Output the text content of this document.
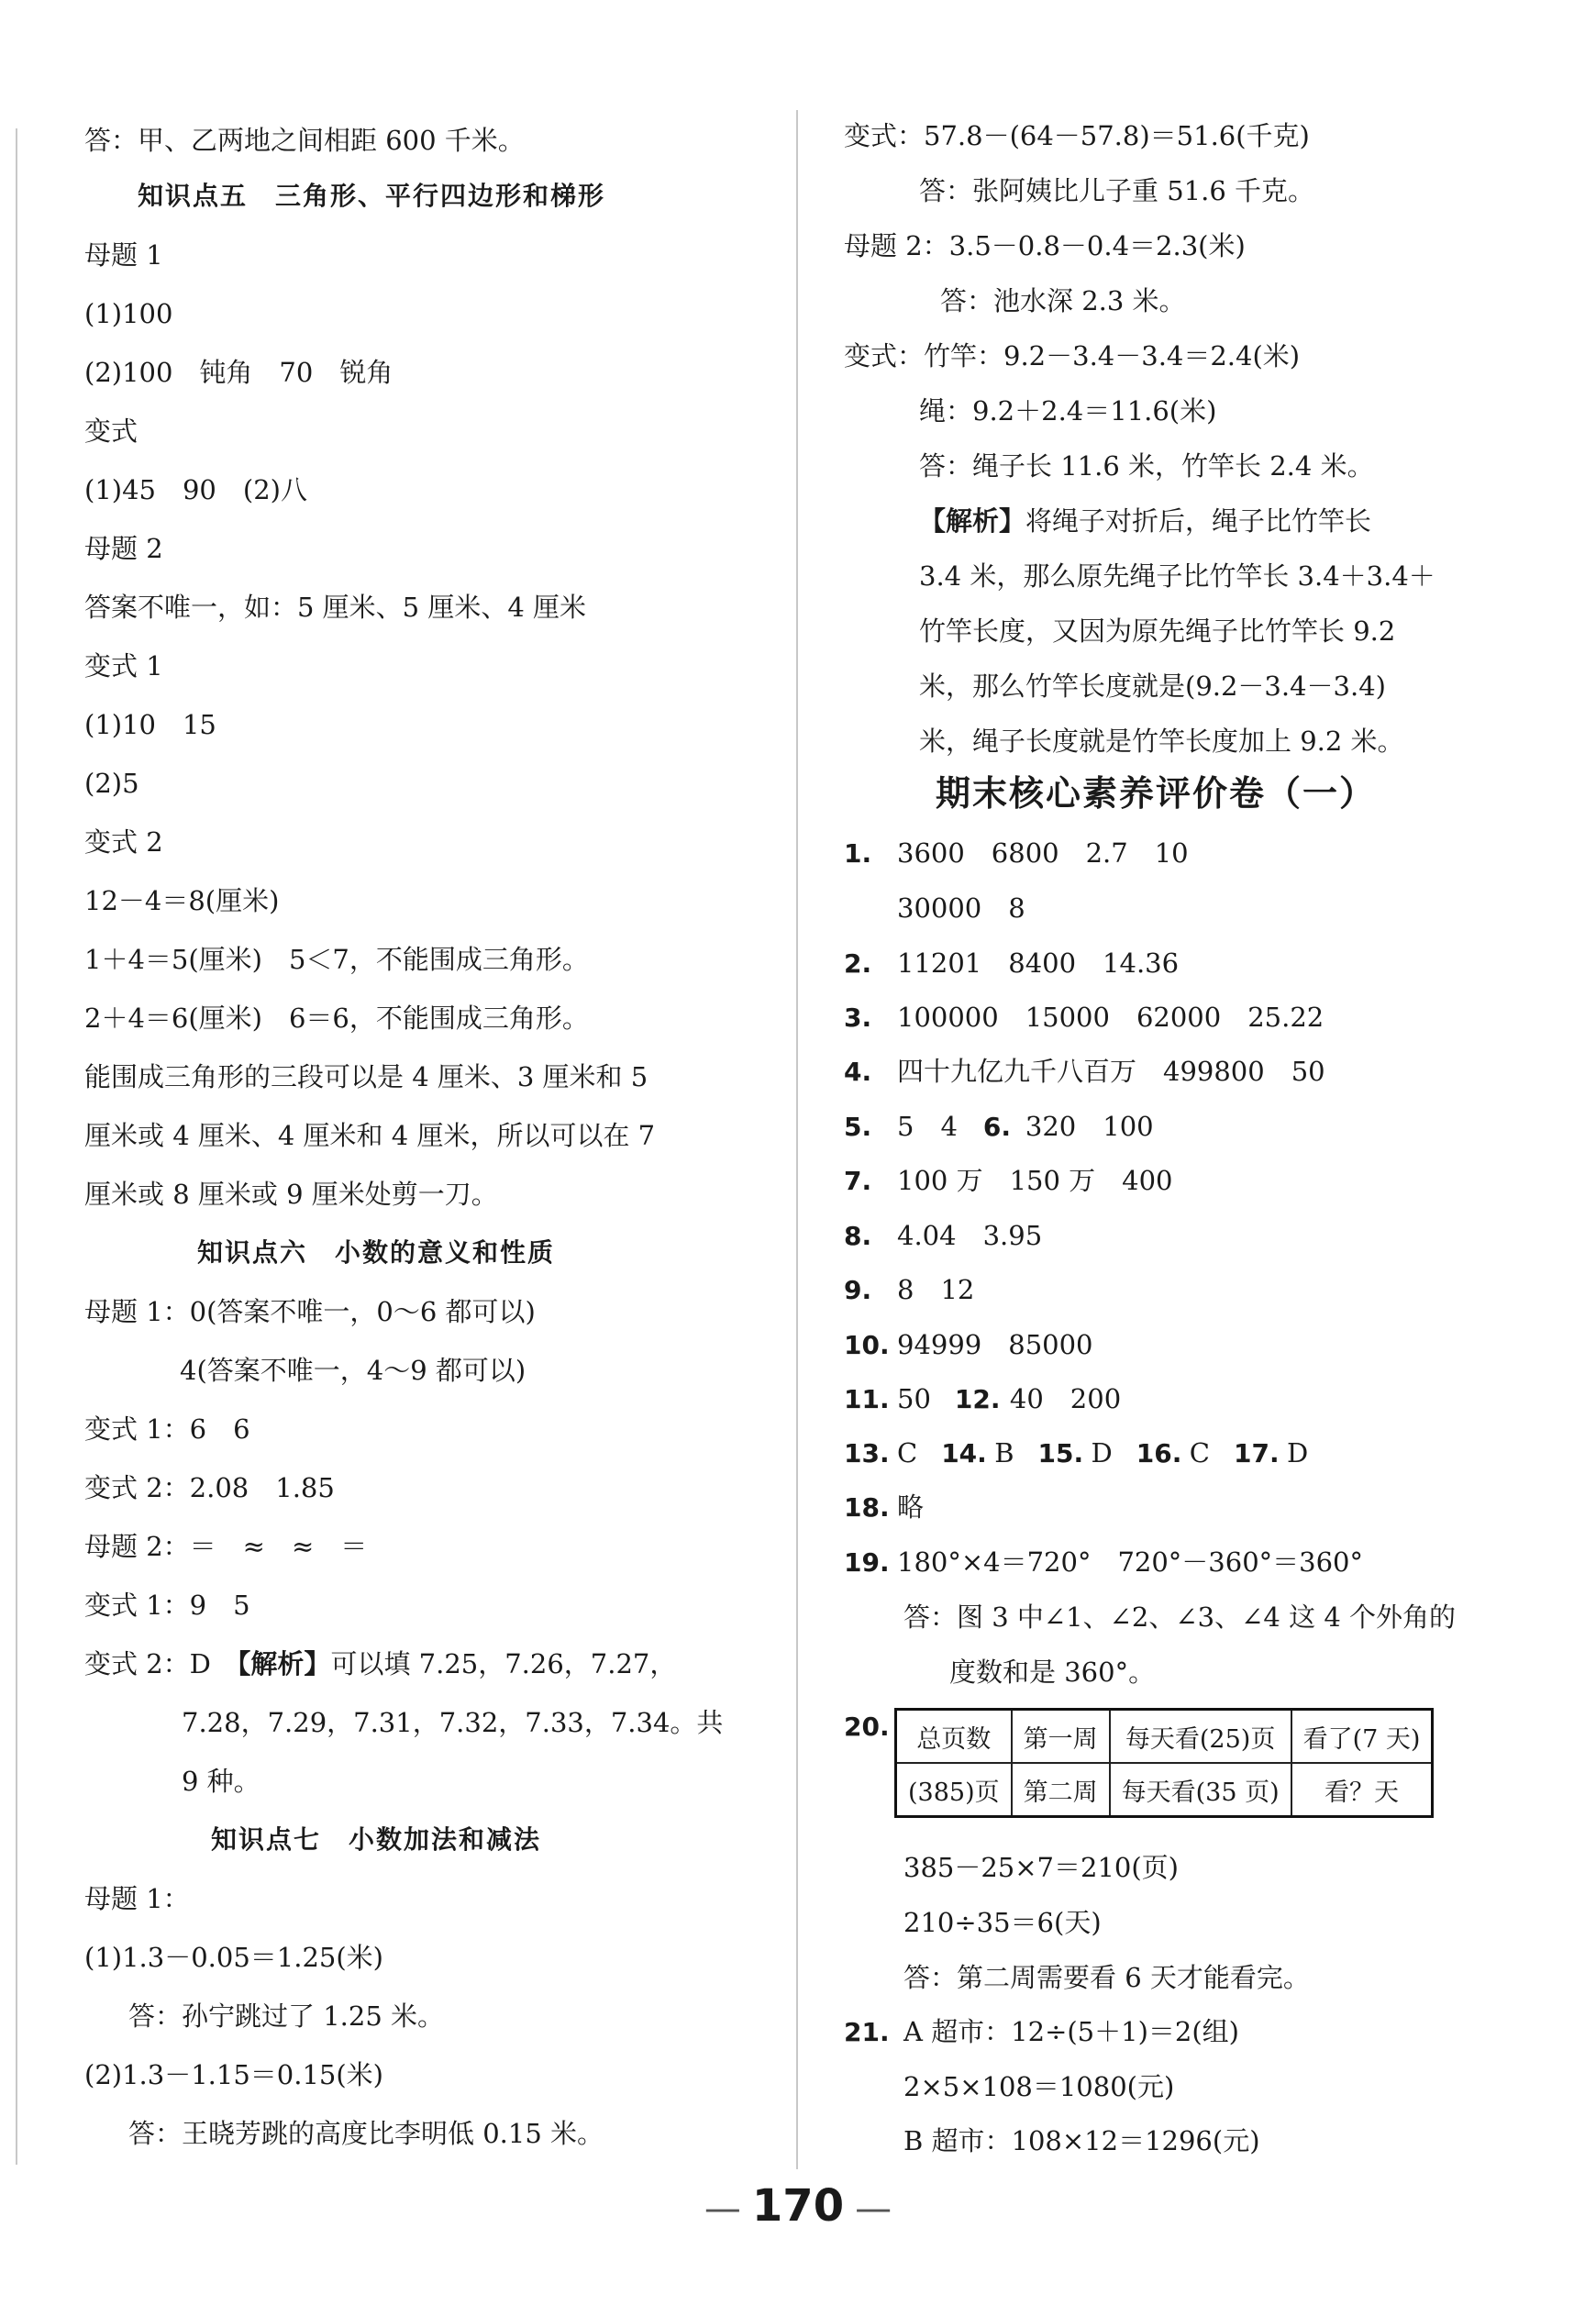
答：甲、乙两地之间相距 600 千米。
知识点五　三角形、平行四边形和梯形
母题 1
(1)100
(2)100　钝角　70　锐角
变式
(1)45　90　(2)八
母题 2
答案不唯一，如：5 厘米、5 厘米、4 厘米
变式 1
(1)10　15
(2)5
变式 2
12－4＝8(厘米)
1＋4＝5(厘米)　5＜7，不能围成三角形。
2＋4＝6(厘米)　6＝6，不能围成三角形。
能围成三角形的三段可以是 4 厘米、3 厘米和 5
厘米或 4 厘米、4 厘米和 4 厘米，所以可以在 7
厘米或 8 厘米或 9 厘米处剪一刀。
知识点六　小数的意义和性质
母题 1：0(答案不唯一，0～6 都可以)
4(答案不唯一，4～9 都可以)
变式 1：6　6
变式 2：2.08　1.85
母题 2：＝　≈　≈　＝
变式 1：9　5
变式 2：D　【解析】可以填 7.25，7.26，7.27，
7.28，7.29，7.31，7.32，7.33，7.34。共
9 种。
知识点七　小数加法和减法
母题 1：
(1)1.3－0.05＝1.25(米)
答：孙宁跳过了 1.25 米。
(2)1.3－1.15＝0.15(米)
答：王晓芳跳的高度比李明低 0.15 米。
变式：57.8－(64－57.8)＝51.6(千克)
答：张阿姨比儿子重 51.6 千克。
母题 2：3.5－0.8－0.4＝2.3(米)
答：池水深 2.3 米。
变式：竹竿：9.2－3.4－3.4＝2.4(米)
绳：9.2＋2.4＝11.6(米)
答：绳子长 11.6 米，竹竿长 2.4 米。
【解析】将绳子对折后，绳子比竹竿长
3.4 米，那么原先绳子比竹竿长 3.4＋3.4＋
竹竿长度，又因为原先绳子比竹竿长 9.2
米，那么竹竿长度就是(9.2－3.4－3.4)
米，绳子长度就是竹竿长度加上 9.2 米。
期末核心素养评价卷（一）
1. 3600　6800　2.7　10
30000　8
2. 11201　8400　14.36
3. 100000　15000　62000　25.22
4. 四十九亿九千八百万　499800　50
5. 5　4 6. 320　100
7. 100 万　150 万　400
8. 4.04　3.95
9. 8　12
10. 94999　85000
11. 50 12. 40　200
13. C 14. B 15. D 16. C 17. D
18. 略
19. 180°×4＝720°　720°－360°＝360°
答：图 3 中∠1、∠2、∠3、∠4 这 4 个外角的
度数和是 360°。
20.	总页数	第一周	每天看(25)页	看了(7 天)
(385)页	第二周	每天看(35 页)	看？天
385－25×7＝210(页)
210÷35＝6(天)
答：第二周需要看 6 天才能看完。
21. A 超市：12÷(5＋1)＝2(组)
2×5×108＝1080(元)
B 超市：108×12＝1296(元)
— 170 —
